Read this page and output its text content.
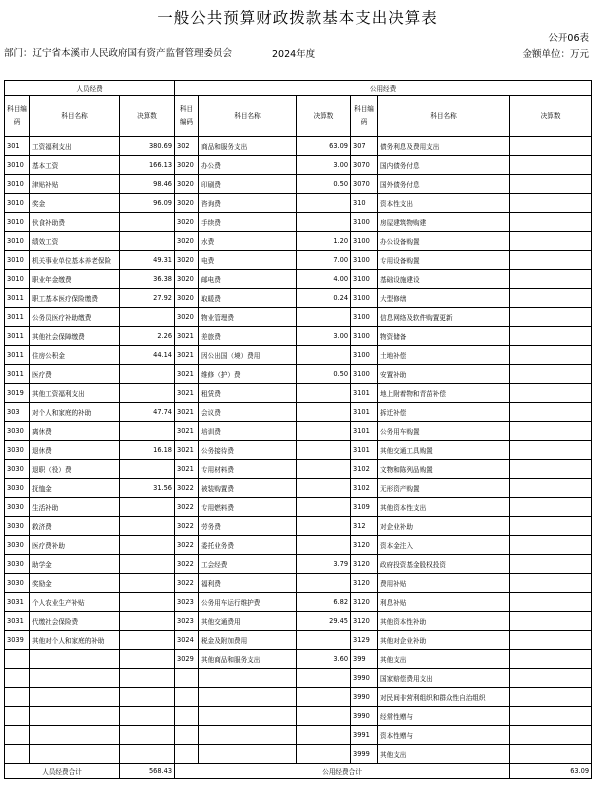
一般公共预算财政拨款基本支出决算表
公开06表
部门：辽宁省本溪市人民政府国有资产监督管理委员会	2024年度	金额单位：万元
人员经费			公用经费					
科目编码	科目名称	决算数	科目编码	科目名称	决算数	科目编码	科目名称	决算数
301	工资福利支出	380.69	302	商品和服务支出	63.09	307	债务利息及费用支出	
3010	基本工资	166.13	3020	办公费	3.00	3070	国内债务付息	
3010	津贴补贴	98.46	3020	印刷费	0.50	3070	国外债务付息	
3010	奖金	96.09	3020	咨询费		310	资本性支出	
3010	伙食补助费		3020	手续费		3100	房屋建筑物购建	
3010	绩效工资		3020	水费	1.20	3100	办公设备购置	
3010	机关事业单位基本养老保险	49.31	3020	电费	7.00	3100	专用设备购置	
3010	职业年金缴费	36.38	3020	邮电费	4.00	3100	基础设施建设	
3011	职工基本医疗保险缴费	27.92	3020	取暖费	0.24	3100	大型修缮	
3011	公务员医疗补助缴费		3020	物业管理费		3100	信息网络及软件购置更新	
3011	其他社会保障缴费	2.26	3021	差旅费	3.00	3100	物资储备	
3011	住房公积金	44.14	3021	因公出国（境）费用		3100	土地补偿	
3011	医疗费		3021	维修（护）费	0.50	3100	安置补助	
3019	其他工资福利支出		3021	租赁费		3101	地上附着物和青苗补偿	
303	对个人和家庭的补助	47.74	3021	会议费		3101	拆迁补偿	
3030	离休费		3021	培训费		3101	公务用车购置	
3030	退休费	16.18	3021	公务接待费		3101	其他交通工具购置	
3030	退职（役）费		3021	专用材料费		3102	文物和陈列品购置	
3030	抚恤金	31.56	3022	被装购置费		3102	无形资产购置	
3030	生活补助		3022	专用燃料费		3109	其他资本性支出	
3030	救济费		3022	劳务费		312	对企业补助	
3030	医疗费补助		3022	委托业务费		3120	资本金注入	
3030	助学金		3022	工会经费	3.79	3120	政府投资基金股权投资	
3030	奖励金		3022	福利费		3120	费用补贴	
3031	个人农业生产补贴		3023	公务用车运行维护费	6.82	3120	利息补贴	
3031	代缴社会保险费		3023	其他交通费用	29.45	3120	其他资本性补助	
3039	其他对个人和家庭的补助		3024	税金及附加费用		3129	其他对企业补助	
			3029	其他商品和服务支出	3.60	399	其他支出	
						3990	国家赔偿费用支出	
						3990	对民间非营利组织和群众性自治组织	
						3990	经常性赠与	
						3991	资本性赠与	
						3999	其他支出	
人员经费合计		568.43	公用经费合计					63.09
